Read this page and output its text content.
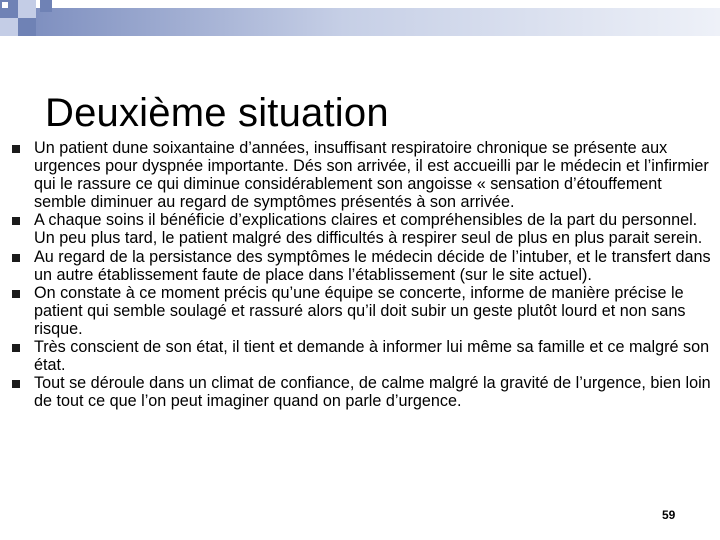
Deuxième situation
Un patient dune soixantaine d’années, insuffisant respiratoire chronique se présente aux urgences pour dyspnée importante. Dés son arrivée, il est accueilli par le médecin et l’infirmier qui le rassure ce qui diminue considérablement son angoisse « sensation d’étouffement semble diminuer au regard de symptômes présentés à son arrivée.
A chaque soins il bénéficie d’explications claires et compréhensibles de la part du personnel. Un peu plus tard, le patient malgré des difficultés à respirer seul de plus en plus parait serein.
Au regard de la persistance des symptômes le médecin décide de l’intuber, et le transfert dans un autre établissement faute de place dans l’établissement (sur le site actuel).
On constate à ce moment précis qu’une équipe se concerte, informe de manière précise le patient qui semble soulagé et rassuré alors qu’il doit subir un geste plutôt lourd et non sans risque.
Très conscient de son état, il tient et demande à informer lui même sa famille et ce malgré son état.
Tout se déroule dans un climat de confiance, de calme malgré la gravité de l’urgence, bien loin de tout ce que l’on peut imaginer quand on parle d’urgence.
59
